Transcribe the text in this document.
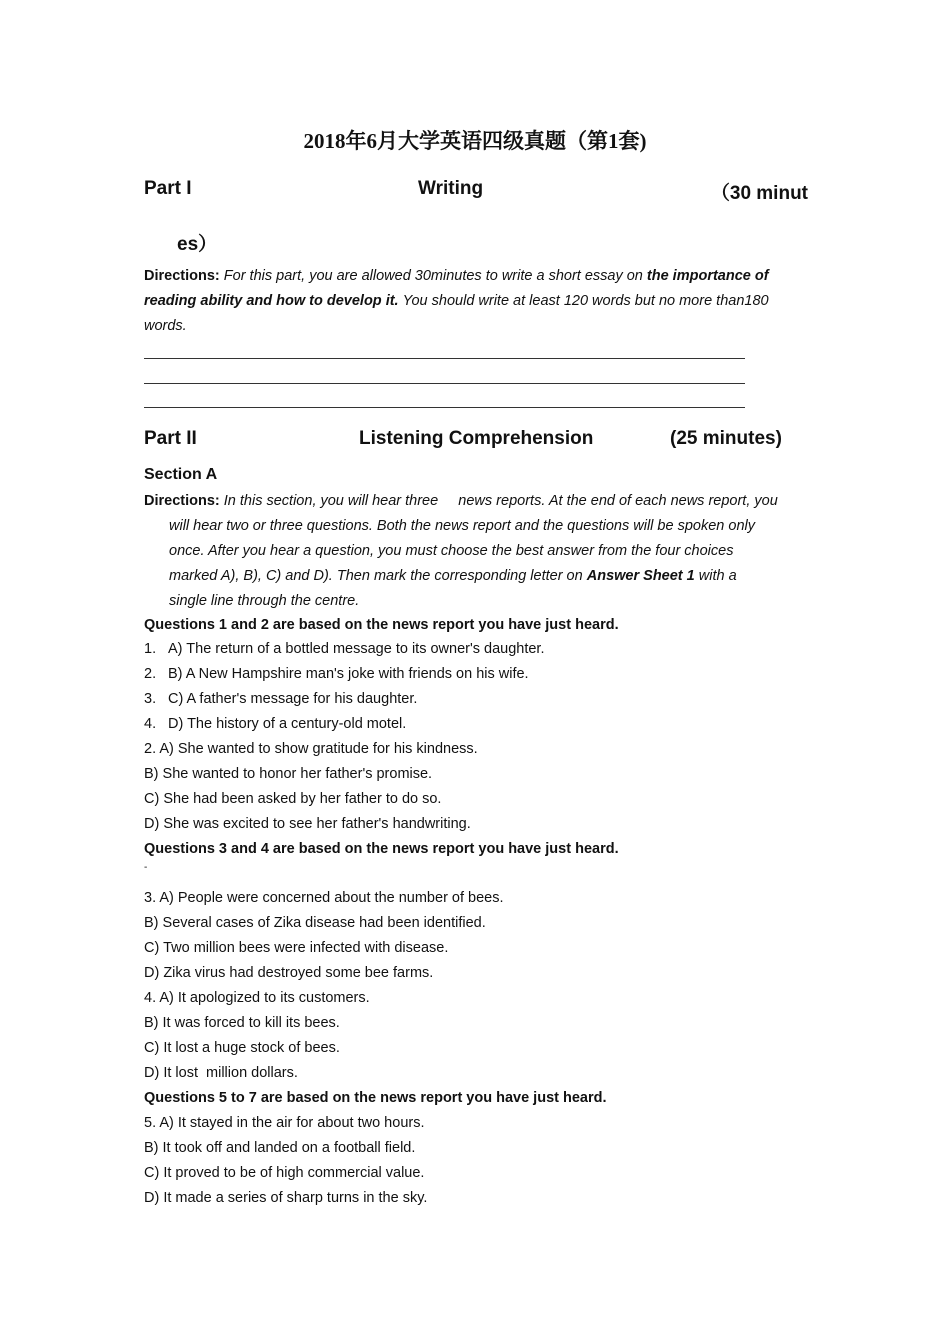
2018年6月大学英语四级真题（第1套)
Part I	Writing	（30 minut
es）
Directions: For this part, you are allowed 30minutes to write a short essay on the importance of reading ability and how to develop it. You should write at least 120 words but no more than180 words.
Part II	Listening Comprehension	(25 minutes)
Section A
Directions: In this section, you will hear three     news reports. At the end of each news report, you
will hear two or three questions. Both the news report and the questions will be spoken only
once. After you hear a question, you must choose the best answer from the four choices
marked A), B), C) and D). Then mark the corresponding letter on Answer Sheet 1 with a
single line through the centre.
Questions 1 and 2 are based on the news report you have just heard.
1. A) The return of a bottled message to its owner's daughter.
2. B) A New Hampshire man's joke with friends on his wife.
3. C) A father's message for his daughter.
4. D) The history of a century-old motel.
2. A) She wanted to show gratitude for his kindness.
B) She wanted to honor her father's promise.
C) She had been asked by her father to do so.
D) She was excited to see her father's handwriting.
Questions 3 and 4 are based on the news report you have just heard.
-
3. A) People were concerned about the number of bees.
B) Several cases of Zika disease had been identified.
C) Two million bees were infected with disease.
D) Zika virus had destroyed some bee farms.
4. A) It apologized to its customers.
B) It was forced to kill its bees.
C) It lost a huge stock of bees.
D) It lost  million dollars.
Questions 5 to 7 are based on the news report you have just heard.
5. A) It stayed in the air for about two hours.
B) It took off and landed on a football field.
C) It proved to be of high commercial value.
D) It made a series of sharp turns in the sky.
